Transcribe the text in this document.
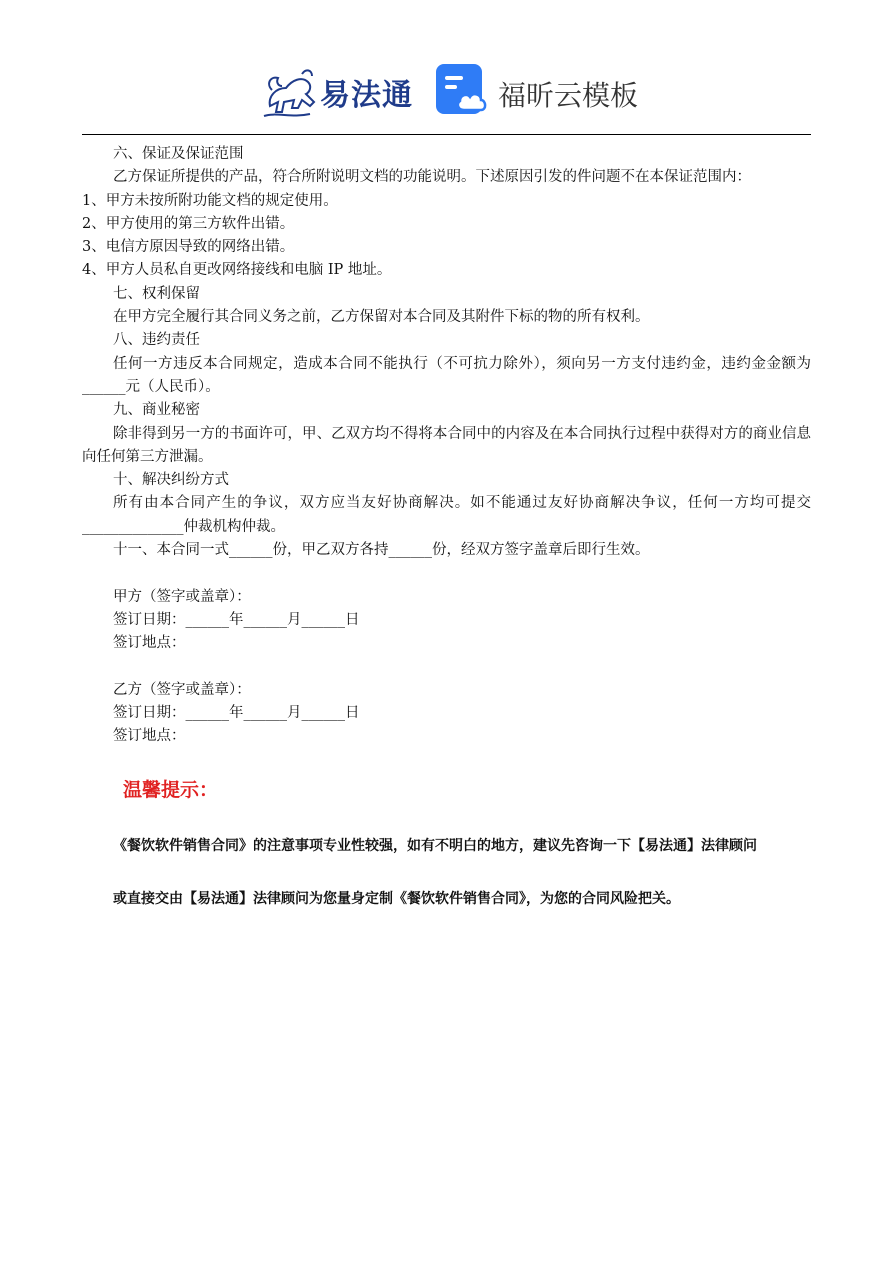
易法通	福昕云模板

六、保证及保证范围

乙方保证所提供的产品，符合所附说明文档的功能说明。下述原因引发的件问题不在本保证范围内：

1、甲方未按所附功能文档的规定使用。

2、甲方使用的第三方软件出错。

3、电信方原因导致的网络出错。

4、甲方人员私自更改网络接线和电脑 IP 地址。

七、权利保留

在甲方完全履行其合同义务之前，乙方保留对本合同及其附件下标的物的所有权利。

八、违约责任

任何一方违反本合同规定，造成本合同不能执行（不可抗力除外），须向另一方支付违约金，违约金金额为______元（人民币）。

九、商业秘密

除非得到另一方的书面许可，甲、乙双方均不得将本合同中的内容及在本合同执行过程中获得对方的商业信息向任何第三方泄漏。

十、解决纠纷方式

所有由本合同产生的争议，双方应当友好协商解决。如不能通过友好协商解决争议，任何一方均可提交______________仲裁机构仲裁。

十一、本合同一式______份，甲乙双方各持______份，经双方签字盖章后即行生效。

甲方（签字或盖章）：

签订日期：______年______月______日

签订地点：

乙方（签字或盖章）：

签订日期：______年______月______日

签订地点：

温馨提示：
《餐饮软件销售合同》的注意事项专业性较强，如有不明白的地方，建议先咨询一下【易法通】法律顾问
或直接交由【易法通】法律顾问为您量身定制《餐饮软件销售合同》，为您的合同风险把关。
